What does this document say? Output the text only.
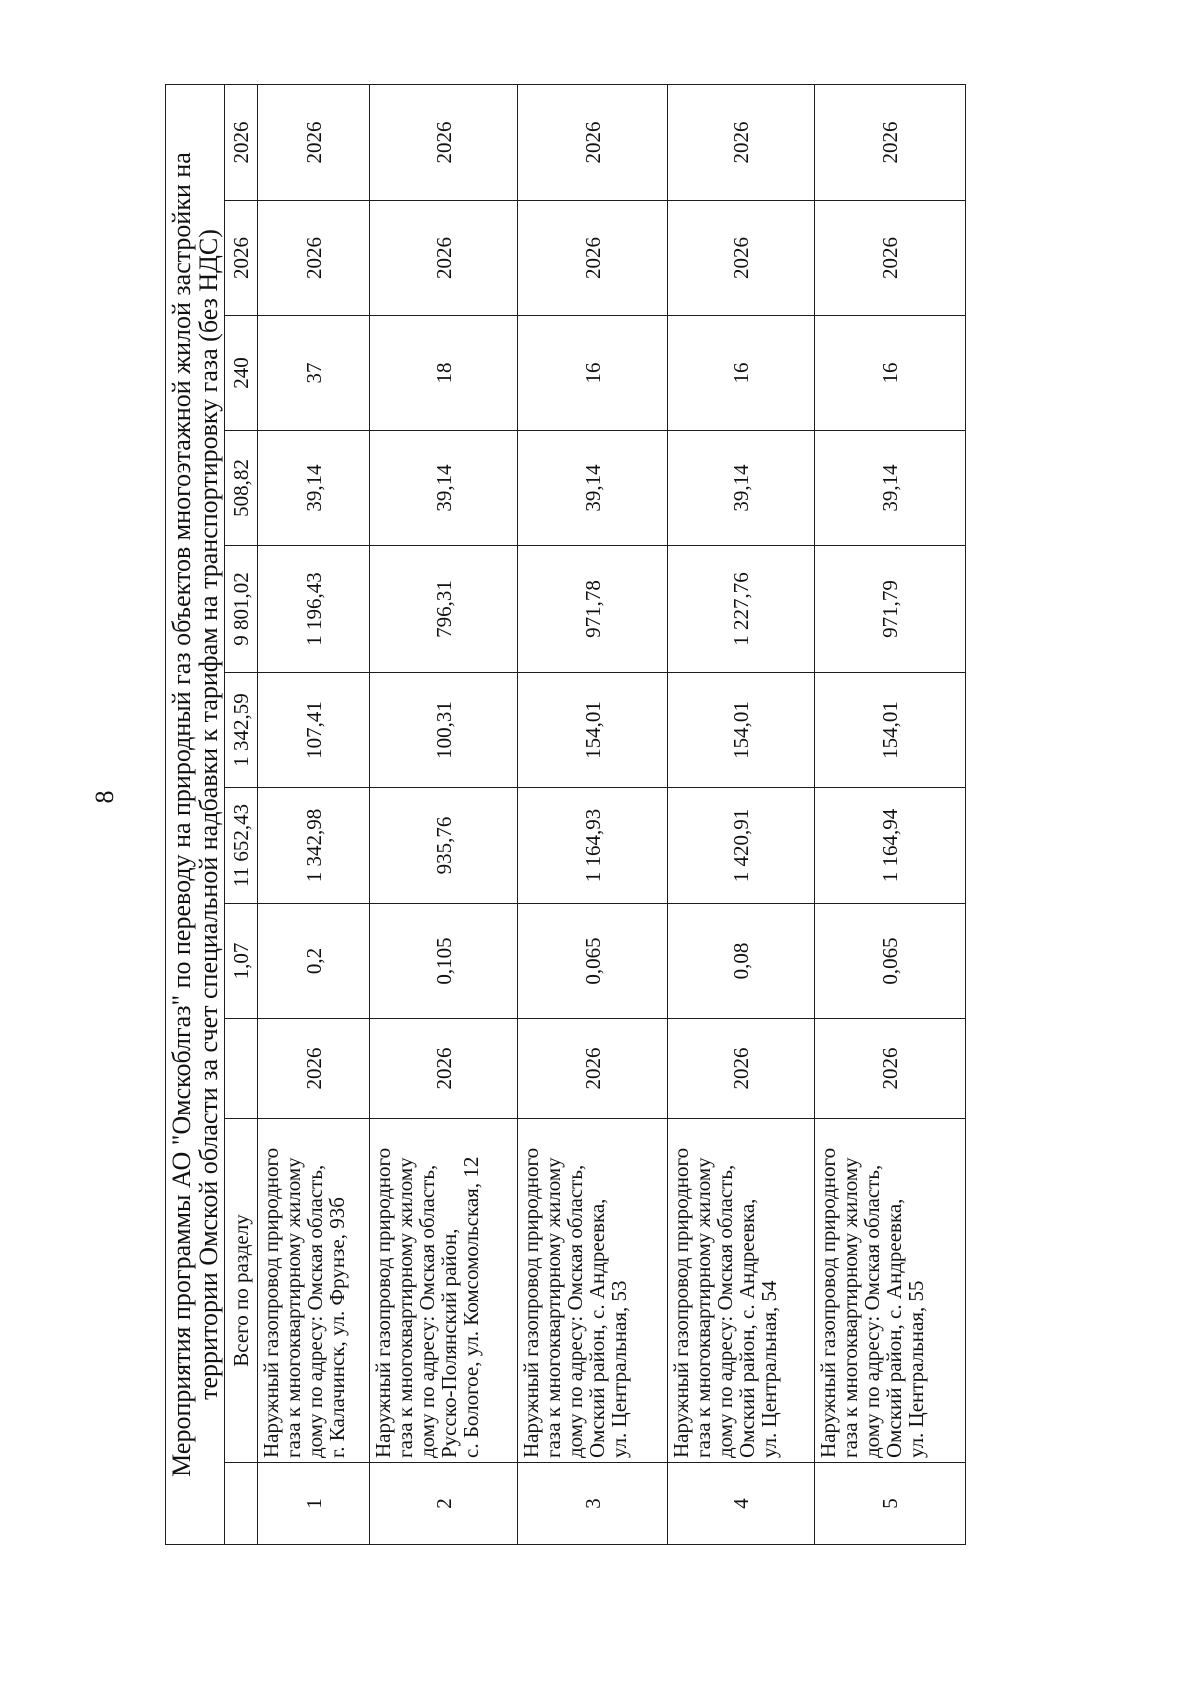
8 Мероприятия программы АО "Омскоблгаз" по переводу на природный газ объектов многоэтажной жилой застройки на
территории Омской области за счет специальной надбавки к тарифам на транспортировку газа (без НДС) Всего по разделу
1,07
11 652,43
1 342,59
9 801,02
508,82
240
2026
2026
1
Наружный газопровод природного
газа к многоквартирному жилому
дому по адресу: Омская область,
г. Калачинск, ул. Фрунзе, 93б
2026
0,2
1 342,98
107,41
1 196,43
39,14
37
2026
2026
2
Наружный газопровод природного
газа к многоквартирному жилому
дому по адресу: Омская область,
Русско-Полянский район,
с. Бологое, ул. Комсомольская, 12
2026
0,105
935,76
100,31
796,31
39,14
18
2026
2026
3
Наружный газопровод природного
газа к многоквартирному жилому
дому по адресу: Омская область,
Омский район, с. Андреевка,
ул. Центральная, 53
2026
0,065
1 164,93
154,01
971,78
39,14
16
2026
2026
4
Наружный газопровод природного
газа к многоквартирному жилому
дому по адресу: Омская область,
Омский район, с. Андреевка,
ул. Центральная, 54
2026
0,08
1 420,91
154,01
1 227,76
39,14
16
2026
2026
5
Наружный газопровод природного
газа к многоквартирному жилому
дому по адресу: Омская область,
Омский район, с. Андреевка,
ул. Центральная, 55
2026
0,065
1 164,94
154,01
971,79
39,14
16
2026
2026
